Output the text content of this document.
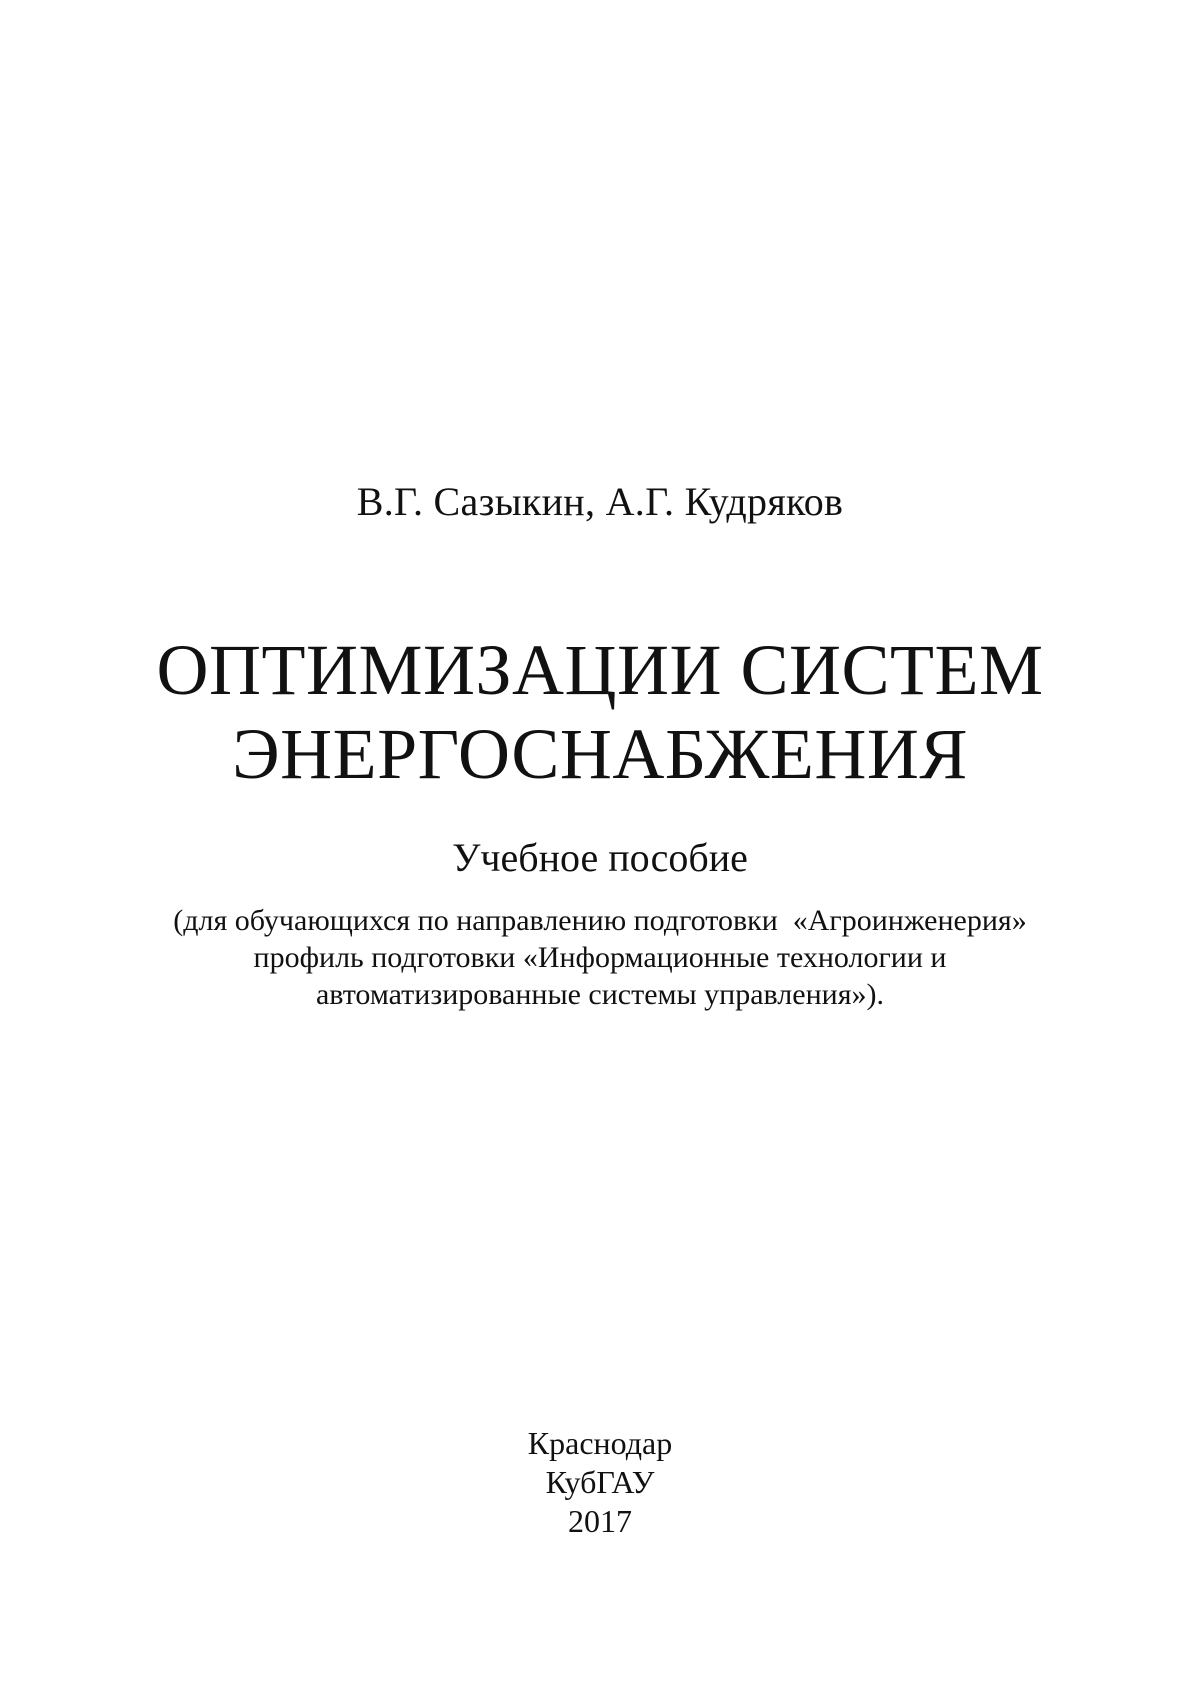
В.Г. Сазыкин, А.Г. Кудряков
ОПТИМИЗАЦИИ СИСТЕМ
ЭНЕРГОСНАБЖЕНИЯ
Учебное пособие
(для обучающихся по направлению подготовки  «Агроинженерия»
профиль подготовки «Информационные технологии и
автоматизированные системы управления»).
Краснодар
КубГАУ
2017
